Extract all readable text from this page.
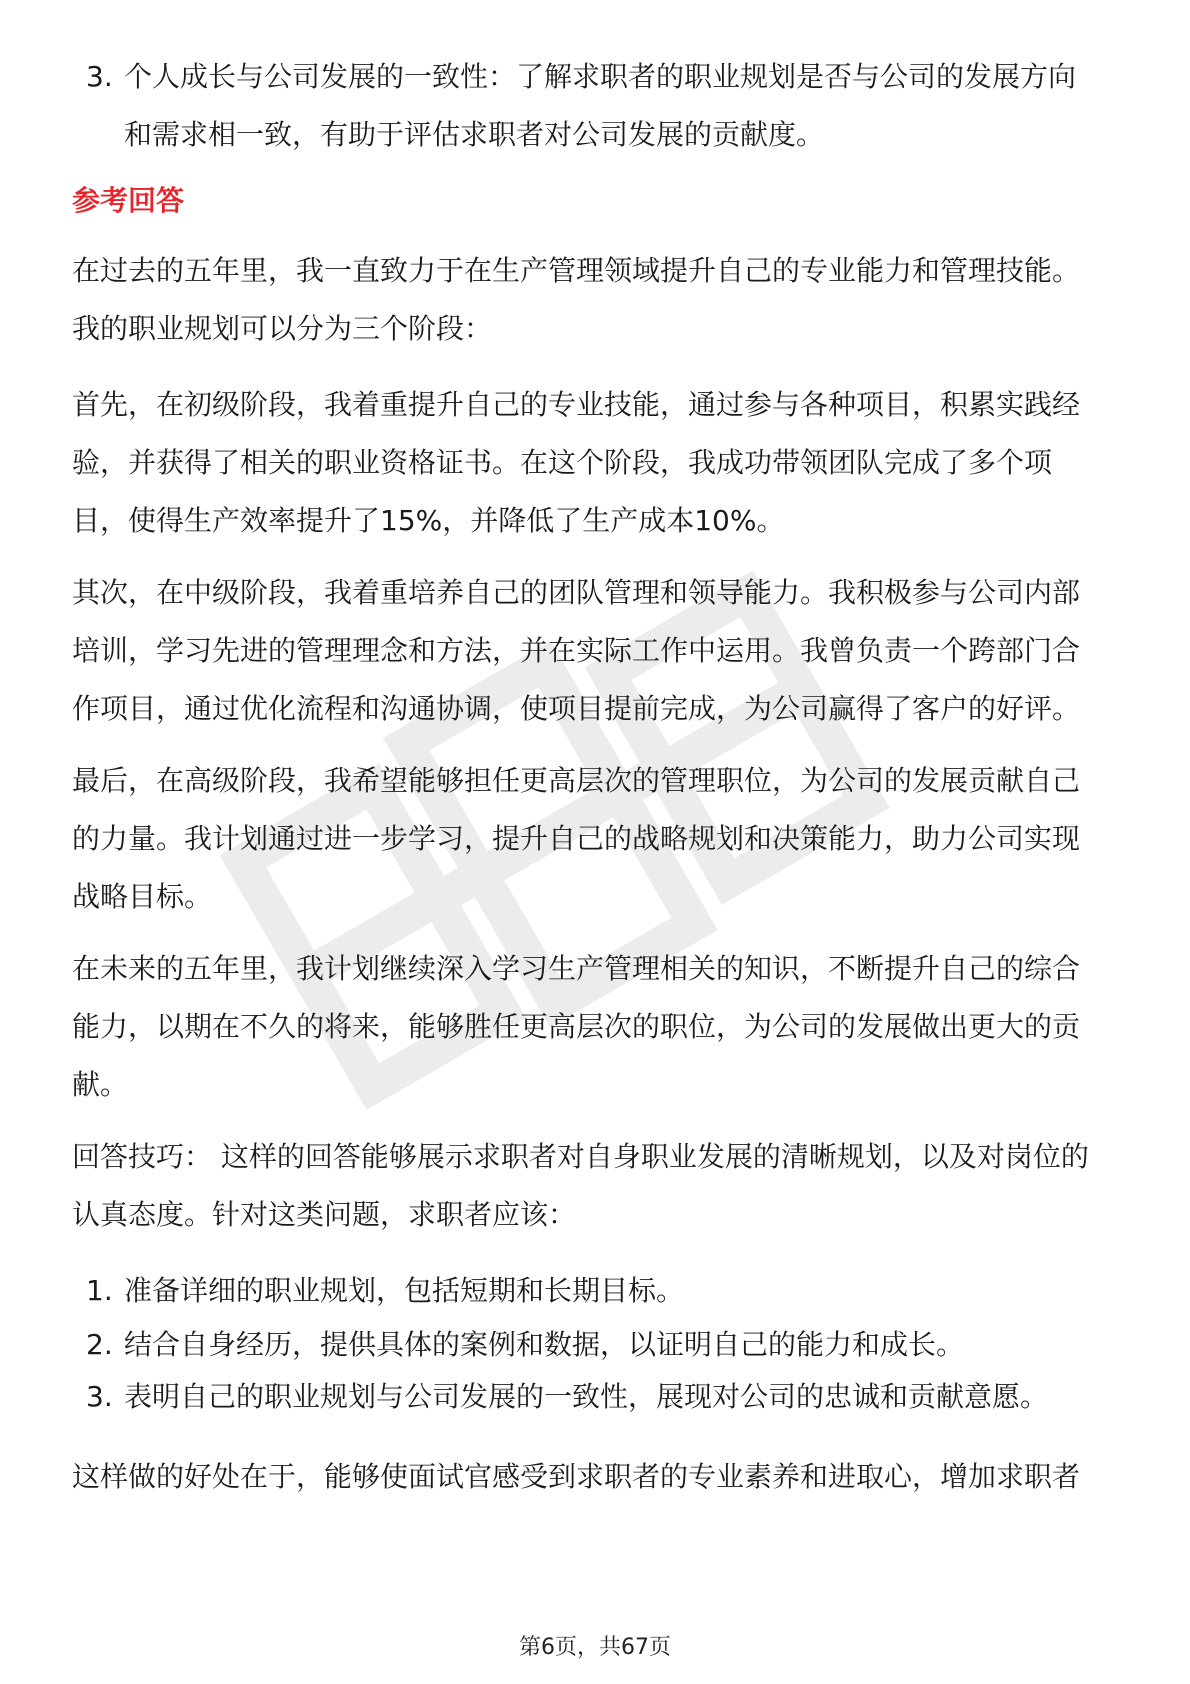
3. 个人成长与公司发展的一致性：了解求职者的职业规划是否与公司的发展方向
和需求相一致，有助于评估求职者对公司发展的贡献度。
参考回答
在过去的五年里，我一直致力于在生产管理领域提升自己的专业能力和管理技能。
我的职业规划可以分为三个阶段：
首先，在初级阶段，我着重提升自己的专业技能，通过参与各种项目，积累实践经
验，并获得了相关的职业资格证书。在这个阶段，我成功带领团队完成了多个项
目，使得生产效率提升了15%，并降低了生产成本10%。
其次，在中级阶段，我着重培养自己的团队管理和领导能力。我积极参与公司内部
培训，学习先进的管理理念和方法，并在实际工作中运用。我曾负责一个跨部门合
作项目，通过优化流程和沟通协调，使项目提前完成，为公司赢得了客户的好评。
最后，在高级阶段，我希望能够担任更高层次的管理职位，为公司的发展贡献自己
的力量。我计划通过进一步学习，提升自己的战略规划和决策能力，助力公司实现
战略目标。
在未来的五年里，我计划继续深入学习生产管理相关的知识，不断提升自己的综合
能力，以期在不久的将来，能够胜任更高层次的职位，为公司的发展做出更大的贡
献。
回答技巧： 这样的回答能够展示求职者对自身职业发展的清晰规划，以及对岗位的
认真态度。针对这类问题，求职者应该：
1. 准备详细的职业规划，包括短期和长期目标。
2. 结合自身经历，提供具体的案例和数据，以证明自己的能力和成长。
3. 表明自己的职业规划与公司发展的一致性，展现对公司的忠诚和贡献意愿。
这样做的好处在于，能够使面试官感受到求职者的专业素养和进取心，增加求职者
第6页，共67页
